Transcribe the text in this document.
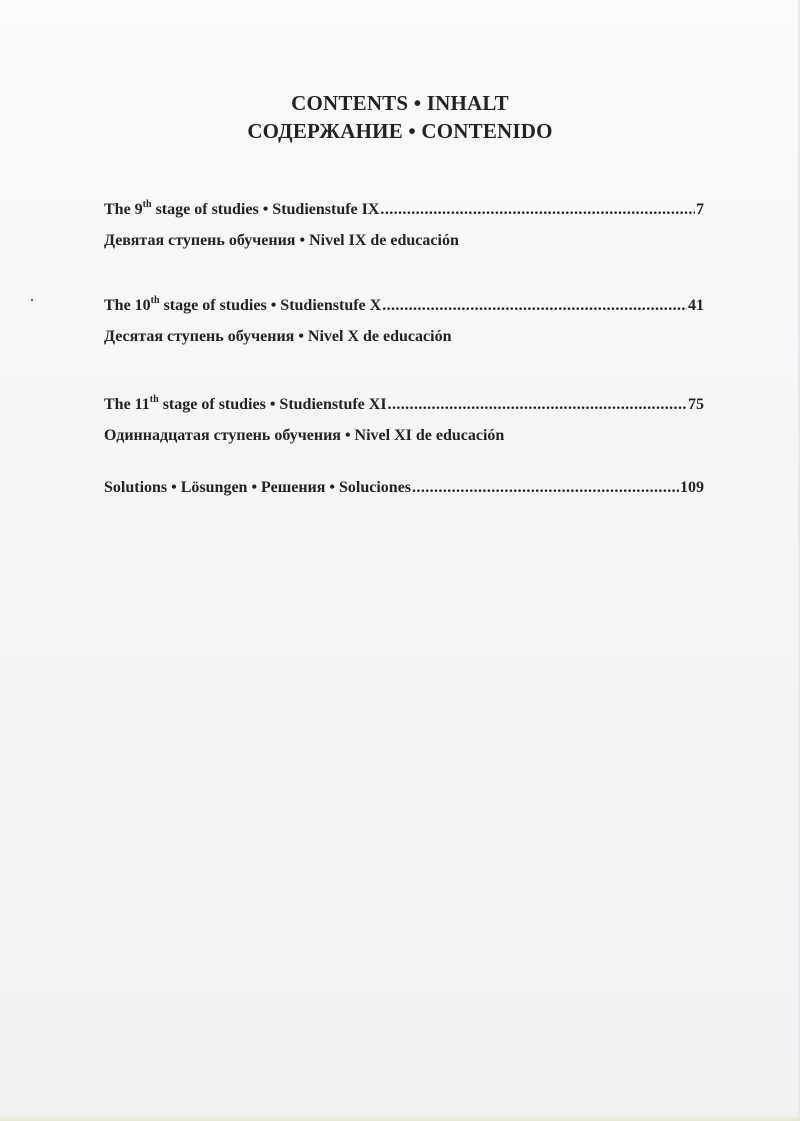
CONTENTS • INHALT
СОДЕРЖАНИЕ • CONTENIDO
The 9th stage of studies • Studienstufe IX .....	7
Девятая ступень обучения • Nivel IX de educación
The 10th stage of studies • Studienstufe X .....	41
Десятая ступень обучения • Nivel X de educación
The 11th stage of studies • Studienstufe XI .....	75
Одиннадцатая ступень обучения • Nivel XI de educación
Solutions • Lösungen • Решения • Soluciones .....	109
